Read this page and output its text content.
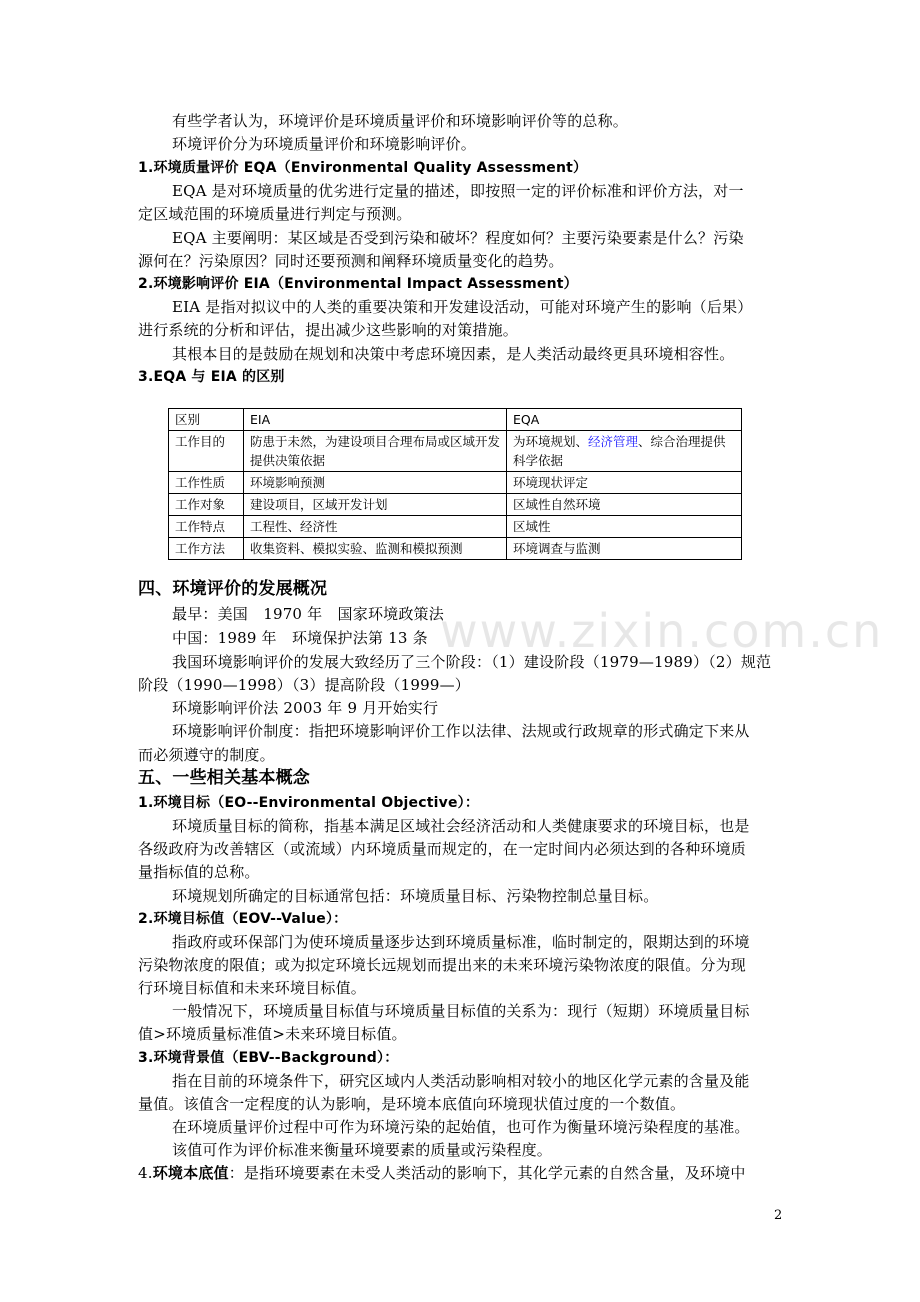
有些学者认为，环境评价是环境质量评价和环境影响评价等的总称。
环境评价分为环境质量评价和环境影响评价。
1.环境质量评价 EQA（Environmental Quality Assessment）
EQA 是对环境质量的优劣进行定量的描述，即按照一定的评价标准和评价方法，对一
定区域范围的环境质量进行判定与预测。
EQA 主要阐明：某区域是否受到污染和破坏？程度如何？主要污染要素是什么？污染
源何在？污染原因？同时还要预测和阐释环境质量变化的趋势。
2.环境影响评价 EIA（Environmental Impact Assessment）
EIA 是指对拟议中的人类的重要决策和开发建设活动，可能对环境产生的影响（后果）
进行系统的分析和评估，提出减少这些影响的对策措施。
其根本目的是鼓励在规划和决策中考虑环境因素，是人类活动最终更具环境相容性。
3.EQA 与 EIA 的区别
区别	EIA	EQA
工作目的	防患于未然，为建设项目合理布局或区域开发提供决策依据	为环境规划、经济管理、综合治理提供科学依据
工作性质	环境影响预测	环境现状评定
工作对象	建设项目，区域开发计划	区域性自然环境
工作特点	工程性、经济性	区域性
工作方法	收集资料、模拟实验、监测和模拟预测	环境调查与监测
www.zixin.com.cn
四、环境评价的发展概况
最早：美国　1970 年　国家环境政策法
中国：1989 年　环境保护法第 13 条
我国环境影响评价的发展大致经历了三个阶段：（1）建设阶段（1979—1989）（2）规范
阶段（1990—1998）（3）提高阶段（1999—）
环境影响评价法 2003 年 9 月开始实行
环境影响评价制度：指把环境影响评价工作以法律、法规或行政规章的形式确定下来从
而必须遵守的制度。
五、一些相关基本概念
1.环境目标（EO--Environmental Objective）：
环境质量目标的简称，指基本满足区域社会经济活动和人类健康要求的环境目标，也是
各级政府为改善辖区（或流域）内环境质量而规定的，在一定时间内必须达到的各种环境质
量指标值的总称。
环境规划所确定的目标通常包括：环境质量目标、污染物控制总量目标。
2.环境目标值（EOV--Value）：
指政府或环保部门为使环境质量逐步达到环境质量标准，临时制定的，限期达到的环境
污染物浓度的限值；或为拟定环境长远规划而提出来的未来环境污染物浓度的限值。分为现
行环境目标值和未来环境目标值。
一般情况下，环境质量目标值与环境质量目标值的关系为：现行（短期）环境质量目标
值>环境质量标准值>未来环境目标值。
3.环境背景值（EBV--Background）：
指在目前的环境条件下，研究区域内人类活动影响相对较小的地区化学元素的含量及能
量值。该值含一定程度的认为影响，是环境本底值向环境现状值过度的一个数值。
在环境质量评价过程中可作为环境污染的起始值，也可作为衡量环境污染程度的基准。
该值可作为评价标准来衡量环境要素的质量或污染程度。
4.环境本底值：是指环境要素在未受人类活动的影响下，其化学元素的自然含量，及环境中
2
